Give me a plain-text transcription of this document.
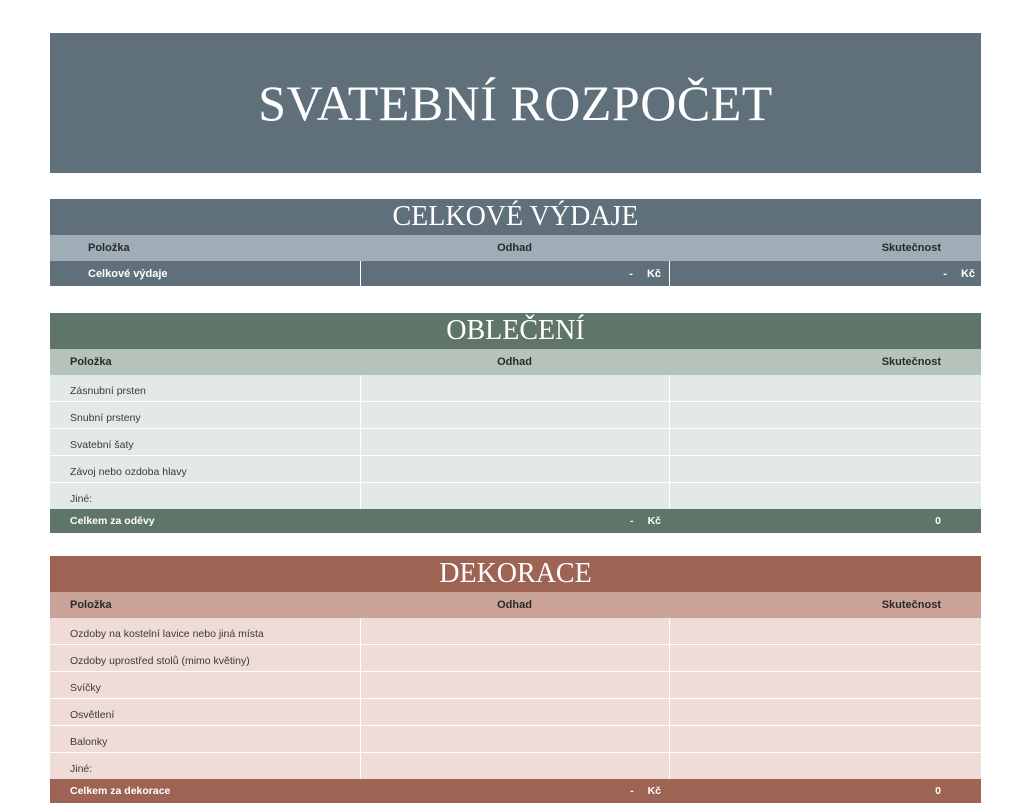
SVATEBNÍ ROZPOČET
CELKOVÉ VÝDAJE
Položka	Odhad	Skutečnost
Celkové výdaje	- Kč	- Kč
OBLEČENÍ
Položka	Odhad	Skutečnost
Zásnubní prsten
Snubní prsteny
Svatební šaty
Závoj nebo ozdoba hlavy
Jiné:
Celkem za oděvy	- Kč	0
DEKORACE
Položka	Odhad	Skutečnost
Ozdoby na kostelní lavice nebo jiná místa
Ozdoby uprostřed stolů (mimo květiny)
Svíčky
Osvětlení
Balonky
Jiné:
Celkem za dekorace	- Kč	0
